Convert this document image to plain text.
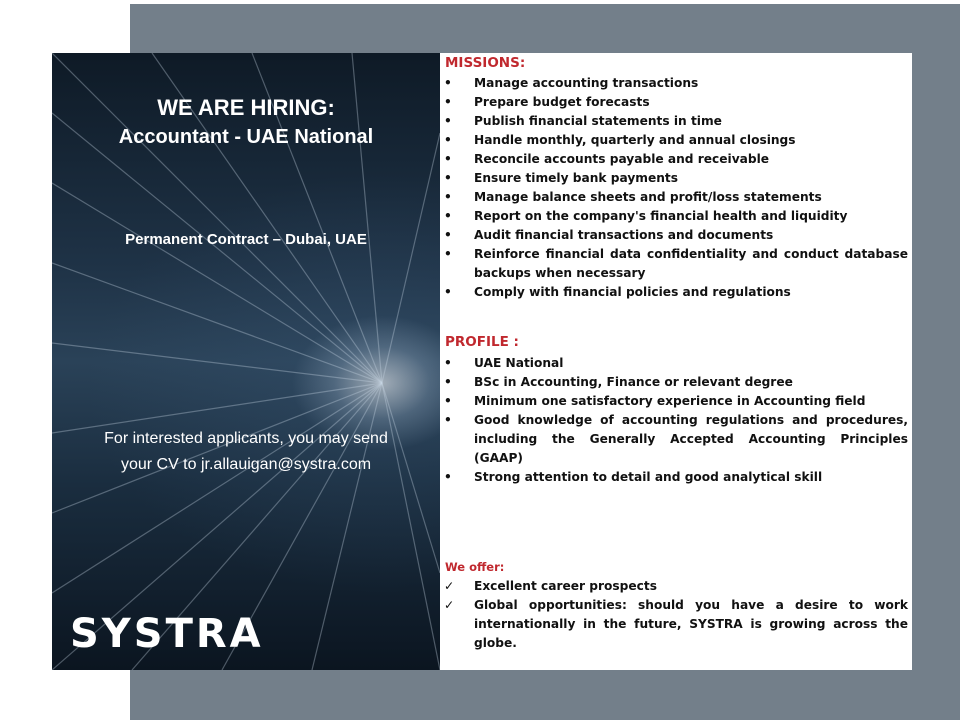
WE ARE HIRING:
Accountant - UAE National
Permanent Contract – Dubai, UAE
For interested applicants, you may send
your CV to jr.allauigan@systra.com
SYSTRA
MISSIONS:
• Manage accounting transactions
• Prepare budget forecasts
• Publish financial statements in time
• Handle monthly, quarterly and annual closings
• Reconcile accounts payable and receivable
• Ensure timely bank payments
• Manage balance sheets and profit/loss statements
• Report on the company's financial health and liquidity
• Audit financial transactions and documents
• Reinforce financial data confidentiality and conduct database backups when necessary
• Comply with financial policies and regulations
PROFILE :
• UAE National
• BSc in Accounting, Finance or relevant degree
• Minimum one satisfactory experience in Accounting field
• Good knowledge of accounting regulations and procedures, including the Generally Accepted Accounting Principles (GAAP)
• Strong attention to detail and good analytical skill
We offer:
✓ Excellent career prospects
✓ Global opportunities: should you have a desire to work internationally in the future, SYSTRA is growing across the globe.
